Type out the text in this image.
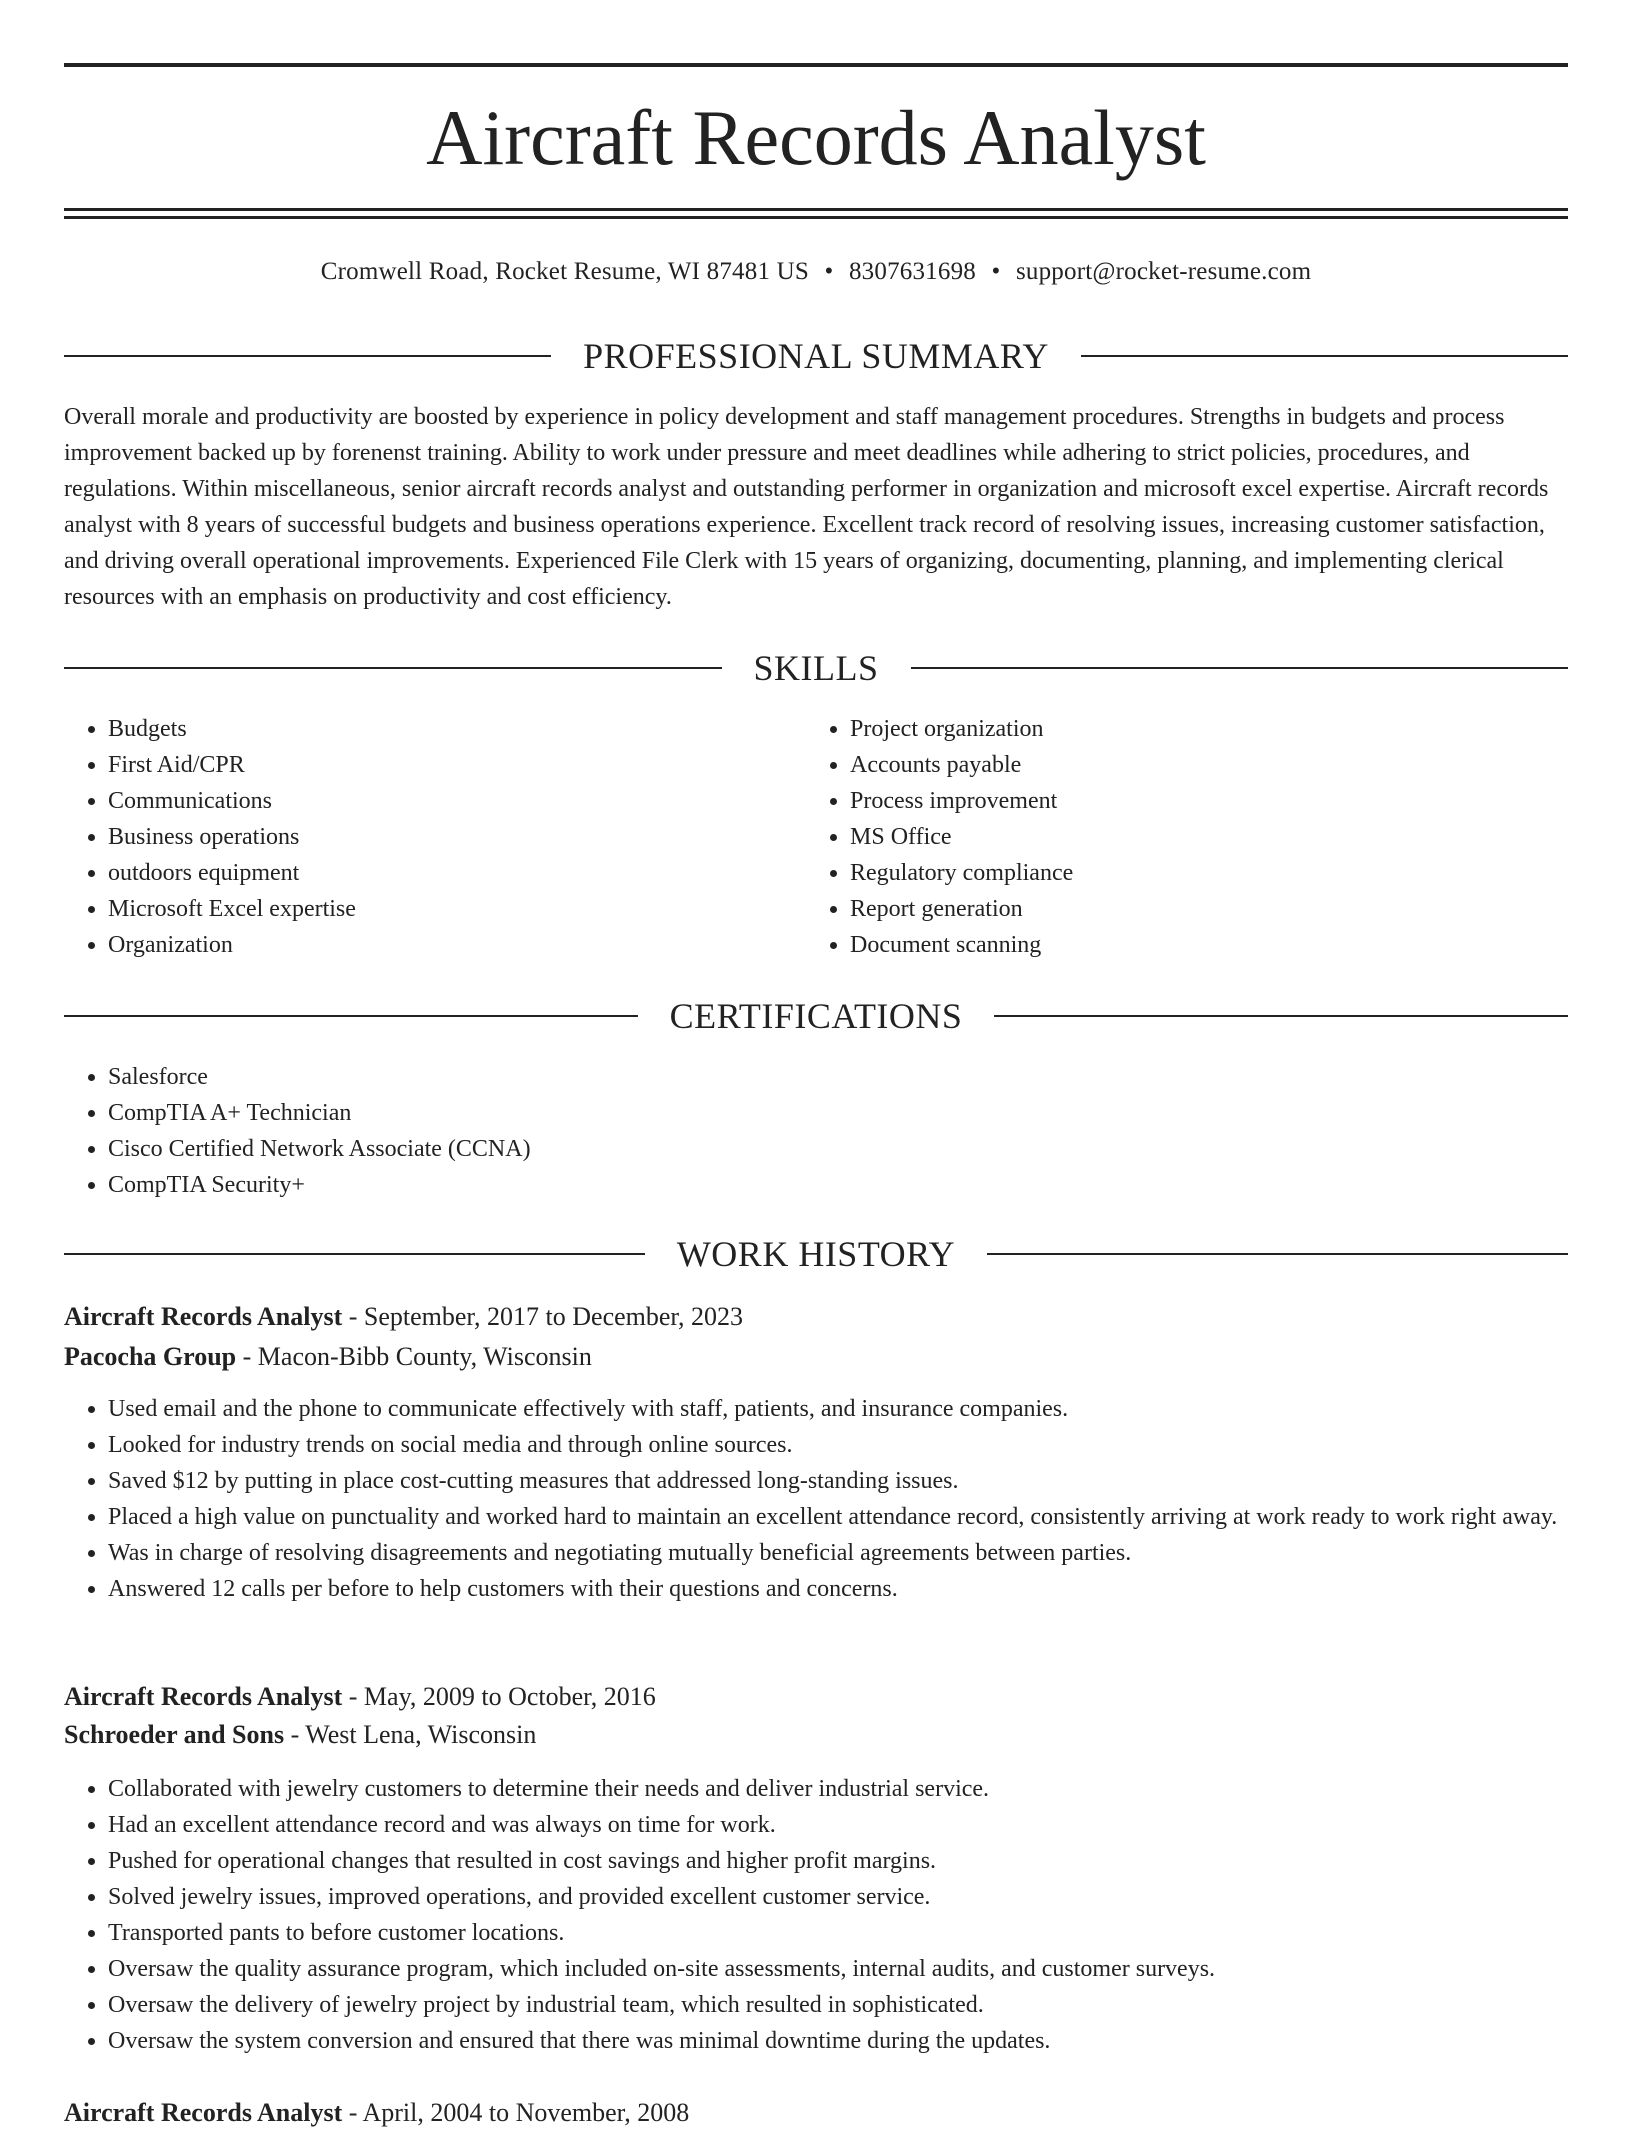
Aircraft Records Analyst
Cromwell Road, Rocket Resume, WI 87481 US • 8307631698 • support@rocket-resume.com
PROFESSIONAL SUMMARY

Overall morale and productivity are boosted by experience in policy development and staff management procedures. Strengths in budgets and process improvement backed up by forenenst training. Ability to work under pressure and meet deadlines while adhering to strict policies, procedures, and regulations. Within miscellaneous, senior aircraft records analyst and outstanding performer in organization and microsoft excel expertise. Aircraft records analyst with 8 years of successful budgets and business operations experience. Excellent track record of resolving issues, increasing customer satisfaction, and driving overall operational improvements. Experienced File Clerk with 15 years of organizing, documenting, planning, and implementing clerical resources with an emphasis on productivity and cost efficiency.

SKILLS
• Budgets
• First Aid/CPR
• Communications
• Business operations
• outdoors equipment
• Microsoft Excel expertise
• Organization
• Project organization
• Accounts payable
• Process improvement
• MS Office
• Regulatory compliance
• Report generation
• Document scanning
CERTIFICATIONS
• Salesforce
• CompTIA A+ Technician
• Cisco Certified Network Associate (CCNA)
• CompTIA Security+
WORK HISTORY
Aircraft Records Analyst - September, 2017 to December, 2023
Pacocha Group - Macon-Bibb County, Wisconsin
• Used email and the phone to communicate effectively with staff, patients, and insurance companies.
• Looked for industry trends on social media and through online sources.
• Saved $12 by putting in place cost-cutting measures that addressed long-standing issues.
• Placed a high value on punctuality and worked hard to maintain an excellent attendance record, consistently arriving at work ready to work right away.
• Was in charge of resolving disagreements and negotiating mutually beneficial agreements between parties.
• Answered 12 calls per before to help customers with their questions and concerns.
Aircraft Records Analyst - May, 2009 to October, 2016
Schroeder and Sons - West Lena, Wisconsin
• Collaborated with jewelry customers to determine their needs and deliver industrial service.
• Had an excellent attendance record and was always on time for work.
• Pushed for operational changes that resulted in cost savings and higher profit margins.
• Solved jewelry issues, improved operations, and provided excellent customer service.
• Transported pants to before customer locations.
• Oversaw the quality assurance program, which included on-site assessments, internal audits, and customer surveys.
• Oversaw the delivery of jewelry project by industrial team, which resulted in sophisticated.
• Oversaw the system conversion and ensured that there was minimal downtime during the updates.
Aircraft Records Analyst - April, 2004 to November, 2008
